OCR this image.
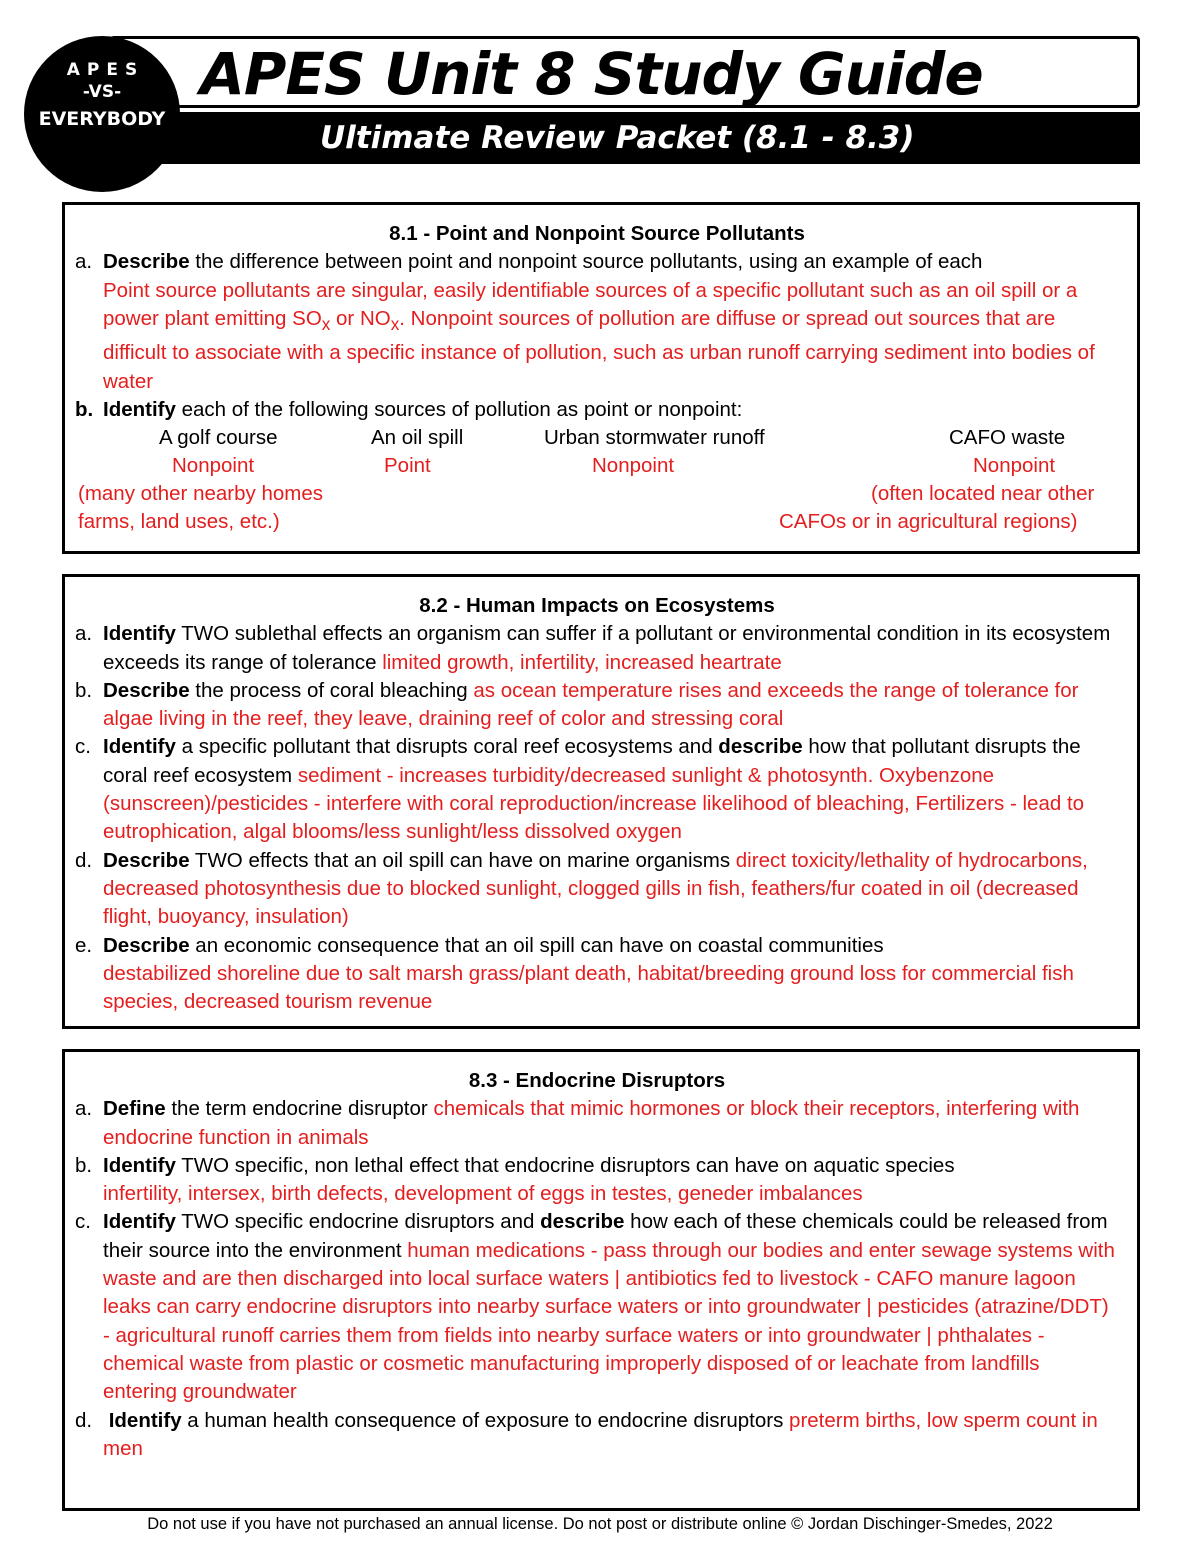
APES
-VS-
EVERYBODY
APES Unit 8 Study Guide
Ultimate Review Packet (8.1 - 8.3)
8.1 - Point and Nonpoint Source Pollutants
a. Describe the difference between point and nonpoint source pollutants, using an example of each
Point source pollutants are singular, easily identifiable sources of a specific pollutant such as an oil spill or a power plant emitting $SO_x$ or $NO_x$. Nonpoint sources of pollution are diffuse or spread out sources that are difficult to associate with a specific instance of pollution, such as urban runoff carrying sediment into bodies of water
b. Identify each of the following sources of pollution as point or nonpoint:
A golf course	An oil spill	Urban stormwater runoff	CAFO waste
Nonpoint	Point	Nonpoint	Nonpoint
(many other nearby homes	(often located near other
farms, land uses, etc.)	CAFOs or in agricultural regions)
8.2 - Human Impacts on Ecosystems
a. Identify TWO sublethal effects an organism can suffer if a pollutant or environmental condition in its ecosystem exceeds its range of tolerance limited growth, infertility, increased heartrate
b. Describe the process of coral bleaching as ocean temperature rises and exceeds the range of tolerance for algae living in the reef, they leave, draining reef of color and stressing coral
c. Identify a specific pollutant that disrupts coral reef ecosystems and describe how that pollutant disrupts the coral reef ecosystem sediment - increases turbidity/decreased sunlight & photosynth. Oxybenzone (sunscreen)/pesticides - interfere with coral reproduction/increase likelihood of bleaching, Fertilizers - lead to eutrophication, algal blooms/less sunlight/less dissolved oxygen
d. Describe TWO effects that an oil spill can have on marine organisms direct toxicity/lethality of hydrocarbons, decreased photosynthesis due to blocked sunlight, clogged gills in fish, feathers/fur coated in oil (decreased flight, buoyancy, insulation)
e. Describe an economic consequence that an oil spill can have on coastal communities
destabilized shoreline due to salt marsh grass/plant death, habitat/breeding ground loss for commercial fish species, decreased tourism revenue
8.3 - Endocrine Disruptors
a. Define the term endocrine disruptor chemicals that mimic hormones or block their receptors, interfering with endocrine function in animals
b. Identify TWO specific, non lethal effect that endocrine disruptors can have on aquatic species
infertility, intersex, birth defects, development of eggs in testes, geneder imbalances
c. Identify TWO specific endocrine disruptors and describe how each of these chemicals could be released from their source into the environment human medications - pass through our bodies and enter sewage systems with waste and are then discharged into local surface waters | antibiotics fed to livestock - CAFO manure lagoon leaks can carry endocrine disruptors into nearby surface waters or into groundwater | pesticides (atrazine/DDT) - agricultural runoff carries them from fields into nearby surface waters or into groundwater | phthalates - chemical waste from plastic or cosmetic manufacturing improperly disposed of or leachate from landfills entering groundwater
d. Identify a human health consequence of exposure to endocrine disruptors preterm births, low sperm count in men
Do not use if you have not purchased an annual license. Do not post or distribute online © Jordan Dischinger-Smedes, 2022
